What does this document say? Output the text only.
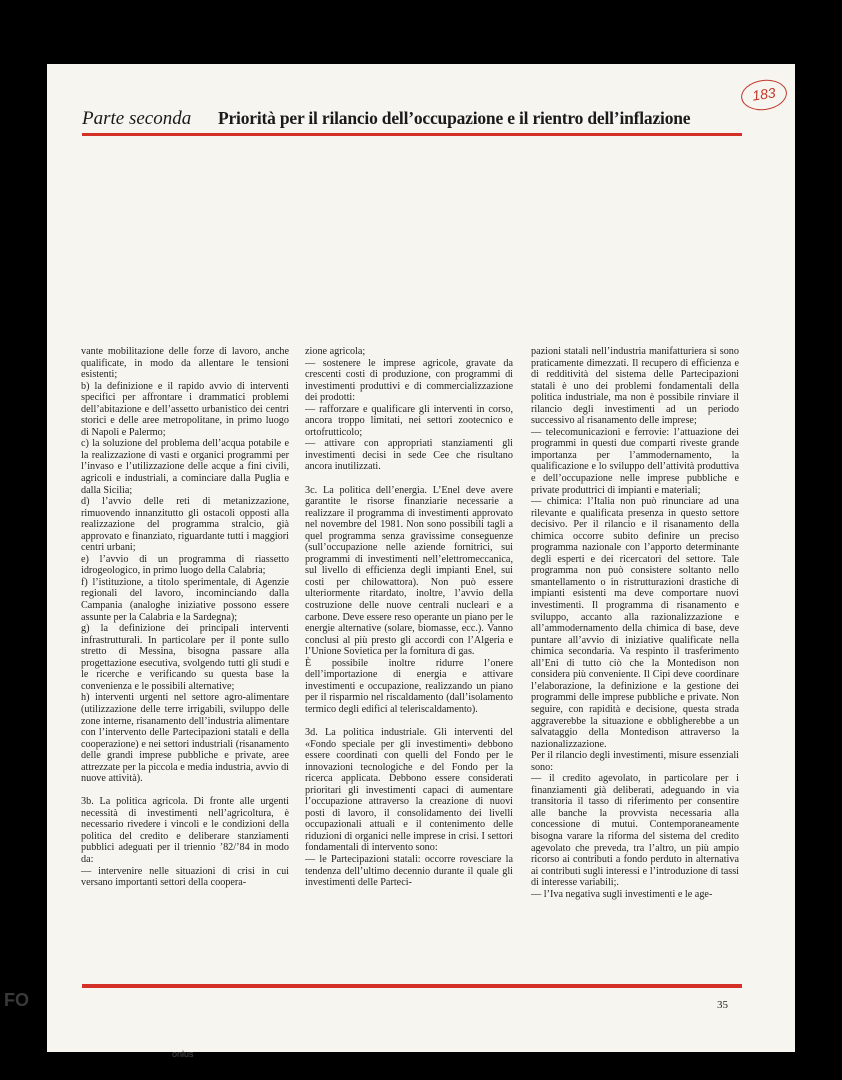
183
Parte seconda Priorità per il rilancio dell’occupazione e il rientro dell’inflazione

vante mobilitazione delle forze di lavoro, anche qualificate, in modo da allentare le tensioni esistenti;

b) la definizione e il rapido avvio di interventi specifici per affrontare i drammatici problemi dell’abitazione e dell’assetto urbanistico dei centri storici e delle aree metropolitane, in primo luogo di Napoli e Palermo;

c) la soluzione del problema dell’acqua potabile e la realizzazione di vasti e organici programmi per l’invaso e l’utilizzazione delle acque a fini civili, agricoli e industriali, a cominciare dalla Puglia e dalla Sicilia;

d) l’avvio delle reti di metanizzazione, rimuovendo innanzitutto gli ostacoli opposti alla realizzazione del programma stralcio, già approvato e finanziato, riguardante tutti i maggiori centri urbani;

e) l’avvio di un programma di riassetto idrogeologico, in primo luogo della Calabria;

f) l’istituzione, a titolo sperimentale, di Agenzie regionali del lavoro, incominciando dalla Campania (analoghe iniziative possono essere assunte per la Calabria e la Sardegna);

g) la definizione dei principali interventi infrastrutturali. In particolare per il ponte sullo stretto di Messina, bisogna passare alla progettazione esecutiva, svolgendo tutti gli studi e le ricerche e verificando su questa base la convenienza e le possibili alternative;

h) interventi urgenti nel settore agro-alimentare (utilizzazione delle terre irrigabili, sviluppo delle zone interne, risanamento dell’industria alimentare con l’intervento delle Partecipazioni statali e della cooperazione) e nei settori industriali (risanamento delle grandi imprese pubbliche e private, aree attrezzate per la piccola e media industria, avvio di nuove attività).

3b. La politica agricola. Di fronte alle urgenti necessità di investimenti nell’agricoltura, è necessario rivedere i vincoli e le condizioni della politica del credito e deliberare stanziamenti pubblici adeguati per il triennio ’82/’84 in modo da:

— intervenire nelle situazioni di crisi in cui versano importanti settori della coopera-

zione agricola;

— sostenere le imprese agricole, gravate da crescenti costi di produzione, con programmi di investimenti produttivi e di commercializzazione dei prodotti:

— rafforzare e qualificare gli interventi in corso, ancora troppo limitati, nei settori zootecnico e ortofrutticolo;

— attivare con appropriati stanziamenti gli investimenti decisi in sede Cee che risultano ancora inutilizzati.

3c. La politica dell’energia. L’Enel deve avere garantite le risorse finanziarie necessarie a realizzare il programma di investimenti approvato nel novembre del 1981. Non sono possibili tagli a quel programma senza gravissime conseguenze (sull’occupazione nelle aziende fornitrici, sui programmi di investimenti nell’elettromeccanica, sul livello di efficienza degli impianti Enel, sui costi per chilowattora). Non può essere ulteriormente ritardato, inoltre, l’avvio della costruzione delle nuove centrali nucleari e a carbone. Deve essere reso operante un piano per le energie alternative (solare, biomasse, ecc.). Vanno conclusi al più presto gli accordi con l’Algeria e l’Unione Sovietica per la fornitura di gas.

È possibile inoltre ridurre l’onere dell’importazione di energia e attivare investimenti e occupazione, realizzando un piano per il risparmio nel riscaldamento (dall’isolamento termico degli edifici al teleriscaldamento).

3d. La politica industriale. Gli interventi del «Fondo speciale per gli investimenti» debbono essere coordinati con quelli del Fondo per le innovazioni tecnologiche e del Fondo per la ricerca applicata. Debbono essere considerati prioritari gli investimenti capaci di aumentare l’occupazione attraverso la creazione di nuovi posti di lavoro, il consolidamento dei livelli occupazionali attuali e il contenimento delle riduzioni di organici nelle imprese in crisi. I settori fondamentali di intervento sono:

— le Partecipazioni statali: occorre rovesciare la tendenza dell’ultimo decennio durante il quale gli investimenti delle Parteci-

pazioni statali nell’industria manifatturiera si sono praticamente dimezzati. Il recupero di efficienza e di redditività del sistema delle Partecipazioni statali è uno dei problemi fondamentali della politica industriale, ma non è possibile rinviare il rilancio degli investimenti ad un periodo successivo al risanamento delle imprese;

— telecomunicazioni e ferrovie: l’attuazione dei programmi in questi due comparti riveste grande importanza per l’ammodernamento, la qualificazione e lo sviluppo dell’attività produttiva e dell’occupazione nelle imprese pubbliche e private produttrici di impianti e materiali;

— chimica: l’Italia non può rinunciare ad una rilevante e qualificata presenza in questo settore decisivo. Per il rilancio e il risanamento della chimica occorre subito definire un preciso programma nazionale con l’apporto determinante degli esperti e dei ricercatori del settore. Tale programma non può consistere soltanto nello smantellamento o in ristrutturazioni drastiche di impianti esistenti ma deve comportare nuovi investimenti. Il programma di risanamento e sviluppo, accanto alla razionalizzazione e all’ammodernamento della chimica di base, deve puntare all’avvio di iniziative qualificate nella chimica secondaria. Va respinto il trasferimento all’Eni di tutto ciò che la Montedison non considera più conveniente. Il Cipi deve coordinare l’elaborazione, la definizione e la gestione dei programmi delle imprese pubbliche e private. Non seguire, con rapidità e decisione, questa strada aggraverebbe la situazione e obbligherebbe a un salvataggio della Montedison attraverso la nazionalizzazione.

Per il rilancio degli investimenti, misure essenziali sono:

— il credito agevolato, in particolare per i finanziamenti già deliberati, adeguando in via transitoria il tasso di riferimento per consentire alle banche la provvista necessaria alla concessione di mutui. Contemporaneamente bisogna varare la riforma del sistema del credito agevolato che preveda, tra l’altro, un più ampio ricorso ai contributi a fondo perduto in alternativa ai contributi sugli interessi e l’introduzione di tassi di interesse variabili;.

— l’Iva negativa sugli investimenti e le age-

35
FO
onlus
